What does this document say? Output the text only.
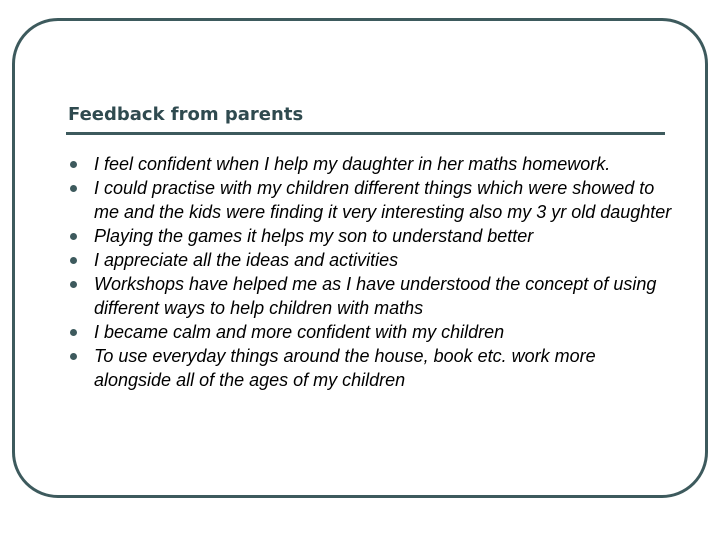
Feedback from parents
I feel confident when I help my daughter in her maths homework.
I could practise with my children different things which were showed to me and the kids were finding it very interesting also my 3 yr old daughter
Playing the games it helps my son to understand better
I appreciate all the ideas and activities
Workshops have helped me as I have understood the concept of using different ways to help children with maths
I became calm and more confident with my children
To use everyday things around the house, book etc. work more alongside all of the ages of my children
